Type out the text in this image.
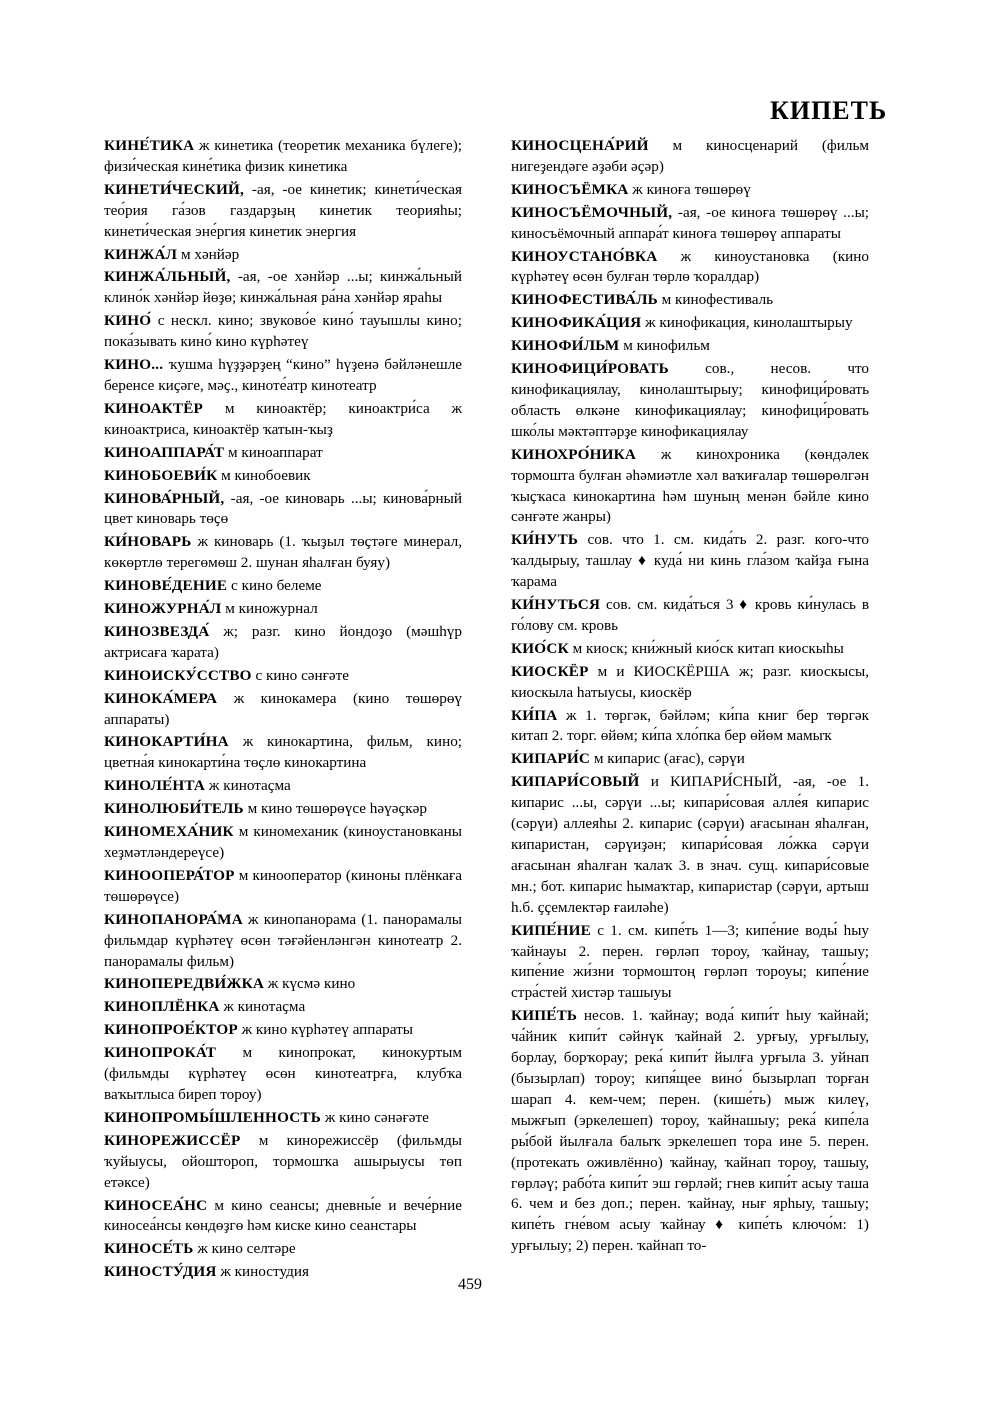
КИПЕТЬ

КИНЕ́ТИКА ж кинетика (теоретик механика бүлеге); физи́ческая кине́тика физик кинетика

КИНЕТИ́ЧЕСКИЙ, -ая, -ое кинетик; кинети́ческая тео́рия га́зов газдарҙың кинетик теорияһы; кинети́ческая эне́ргия кинетик энергия

КИНЖА́Л м хәнйәр

КИНЖА́ЛЬНЫЙ, -ая, -ое хәнйәр ...ы; кинжа́льный клино́к хәнйәр йөҙө; кинжа́льная ра́на хәнйәр яраһы

КИНО́ с нескл. кино; звуково́е кино́ тауышлы кино; пока́зывать кино́ кино күрһәтеү

КИНО... ҡушма һүҙҙәрҙең “кино” һүҙенә бәйләнешле беренсе киҫәге, мәҫ., киноте́атр кинотеатр

КИНОАКТЁР м киноактёр; киноактри́са ж киноактриса, киноактёр ҡатын-ҡыҙ

КИНОАППАРА́Т м киноаппарат

КИНОБОЕВИ́К м кинобоевик

КИНОВА́РНЫЙ, -ая, -ое киноварь ...ы; кинова́рный цвет киноварь төҫө

КИ́НОВАРЬ ж киноварь (1. ҡыҙыл төҫтәге минерал, көкөртлө терегөмөш 2. шунан яһалған буяу)

КИНОВЕ́ДЕНИЕ с кино белеме

КИНОЖУРНА́Л м киножурнал

КИНОЗВЕЗДА́ ж; разг. кино йондоҙо (мәшһүр актрисаға ҡарата)

КИНОИСКУ́ССТВО с кино сәнғәте

КИНОКА́МЕРА ж кинокамера (кино төшөрөү аппараты)

КИНОКАРТИ́НА ж кинокартина, фильм, кино; цветна́я кинокарти́на төҫлө кинокартина

КИНОЛЕ́НТА ж кинотаҫма

КИНОЛЮБИ́ТЕЛЬ м кино төшөрөүсе һәүәҫкәр

КИНОМЕХА́НИК м киномеханик (киноустановканы хеҙмәтләндереүсе)

КИНООПЕРА́ТОР м кинооператор (киноны плёнкаға төшөрөүсе)

КИНОПАНОРА́МА ж кинопанорама (1. панорамалы фильмдар күрһәтеү өсөн тәғәйенләнгән кинотеатр 2. панорамалы фильм)

КИНОПЕРЕДВИ́ЖКА ж күсмә кино

КИНОПЛЁНКА ж кинотаҫма

КИНОПРОЕ́КТОР ж кино күрһәтеү аппараты

КИНОПРОКА́Т м кинопрокат, кинокуртым (фильмды күрһәтеү өсөн кинотеатрға, клубҡа ваҡытлыса биреп тороу)

КИНОПРОМЫ́ШЛЕННОСТЬ ж кино сәнәғәте

КИНОРЕЖИССЁР м кинорежиссёр (фильмды ҡуйыусы, ойоштороп, тормошҡа ашырыусы төп етәксе)

КИНОСЕА́НС м кино сеансы; дневны́е и вече́рние киносеа́нсы көндөҙгө һәм киске кино сеанстары

КИНОСЕ́ТЬ ж кино селтәре

КИНОСТУ́ДИЯ ж киностудия

КИНОСЦЕНА́РИЙ м киносценарий (фильм нигеҙендәге әҙәби әҫәр)

КИНОСЪЁМКА ж киноға төшөрөү

КИНОСЪЁМОЧНЫЙ, -ая, -ое киноға төшөрөү ...ы; киносъёмочный аппара́т киноға төшөрөү аппараты

КИНОУСТАНО́ВКА ж киноустановка (кино күрһәтеү өсөн булған төрлө ҡоралдар)

КИНОФЕСТИВА́ЛЬ м кинофестиваль

КИНОФИКА́ЦИЯ ж кинофикация, кинолаштырыу

КИНОФИ́ЛЬМ м кинофильм

КИНОФИЦИ́РОВАТЬ сов., несов. что кинофикациялау, кинолаштырыу; кинофици́ровать область өлкәне кинофикациялау; кинофици́ровать шко́лы мәктәптәрҙе кинофикациялау

КИНОХРО́НИКА ж кинохроника (көндәлек тормошта булған әһәмиәтле хәл ваҡиғалар төшөрөлгән ҡыҫҡаса кинокартина һәм шуның менән бәйле кино сәнғәте жанры)

КИ́НУТЬ сов. что 1. см. кида́ть 2. разг. кого-что ҡалдырыу, ташлау ♦ куда́ ни кинь гла́зом ҡайҙа ғына ҡарама

КИ́НУТЬСЯ сов. см. кида́ться 3 ♦ кровь ки́нулась в го́лову см. кровь

КИО́СК м киоск; кни́жный кио́ск китап киоскыһы

КИОСКЁР м и КИОСКЁРША ж; разг. киоскысы, киоскыла һатыусы, киоскёр

КИ́ПА ж 1. төргәк, бәйләм; ки́па книг бер төргәк китап 2. торг. өйөм; ки́па хло́пка бер өйөм мамыҡ

КИПАРИ́С м кипарис (ағас), сәрүи

КИПАРИ́СОВЫЙ и КИПАРИ́СНЫЙ, -ая, -ое 1. кипарис ...ы, сәрүи ...ы; кипари́совая алле́я кипарис (сәрүи) аллеяһы 2. кипарис (сәрүи) ағасынан яһалған, кипаристан, сәрүиҙән; кипари́совая ло́жка сәрүи ағасынан яһалған ҡалаҡ 3. в знач. сущ. кипари́совые мн.; бот. кипарис һымаҡтар, кипаристар (сәрүи, артыш һ.б. ҫҫемлектәр ғаиләһе)

КИПЕ́НИЕ с 1. см. кипе́ть 1—3; кипе́ние воды́ һыу ҡайнауы 2. перен. гөрләп тороу, ҡайнау, ташыу; кипе́ние жи́зни тормоштоң гөрләп тороуы; кипе́ние стра́стей хистәр ташыуы

КИПЕ́ТЬ несов. 1. ҡайнау; вода́ кипи́т һыу ҡайнай; ча́йник кипи́т сәйнүк ҡайнай 2. урғыу, урғылыу, борлау, борҡорау; река́ кипи́т йылға урғыла 3. уйнап (бызырлап) тороу; кипя́щее вино́ бызырлап торған шарап 4. кем-чем; перен. (кише́ть) мыж килеү, мыжғып (эркелешеп) тороу, ҡайнашыу; река́ кипе́ла ры́бой йылғала балыҡ эркелешеп тора ине 5. перен. (протекать оживлённо) ҡайнау, ҡайнап тороу, ташыу, гөрләү; рабо́та кипи́т эш гөрләй; гнев кипи́т асыу таша 6. чем и без доп.; перен. ҡайнау, нығ ярһыу, ташыу; кипе́ть гне́вом асыу ҡайнау ♦ кипе́ть ключо́м: 1) урғылыу; 2) перен. ҡайнап то-

459
